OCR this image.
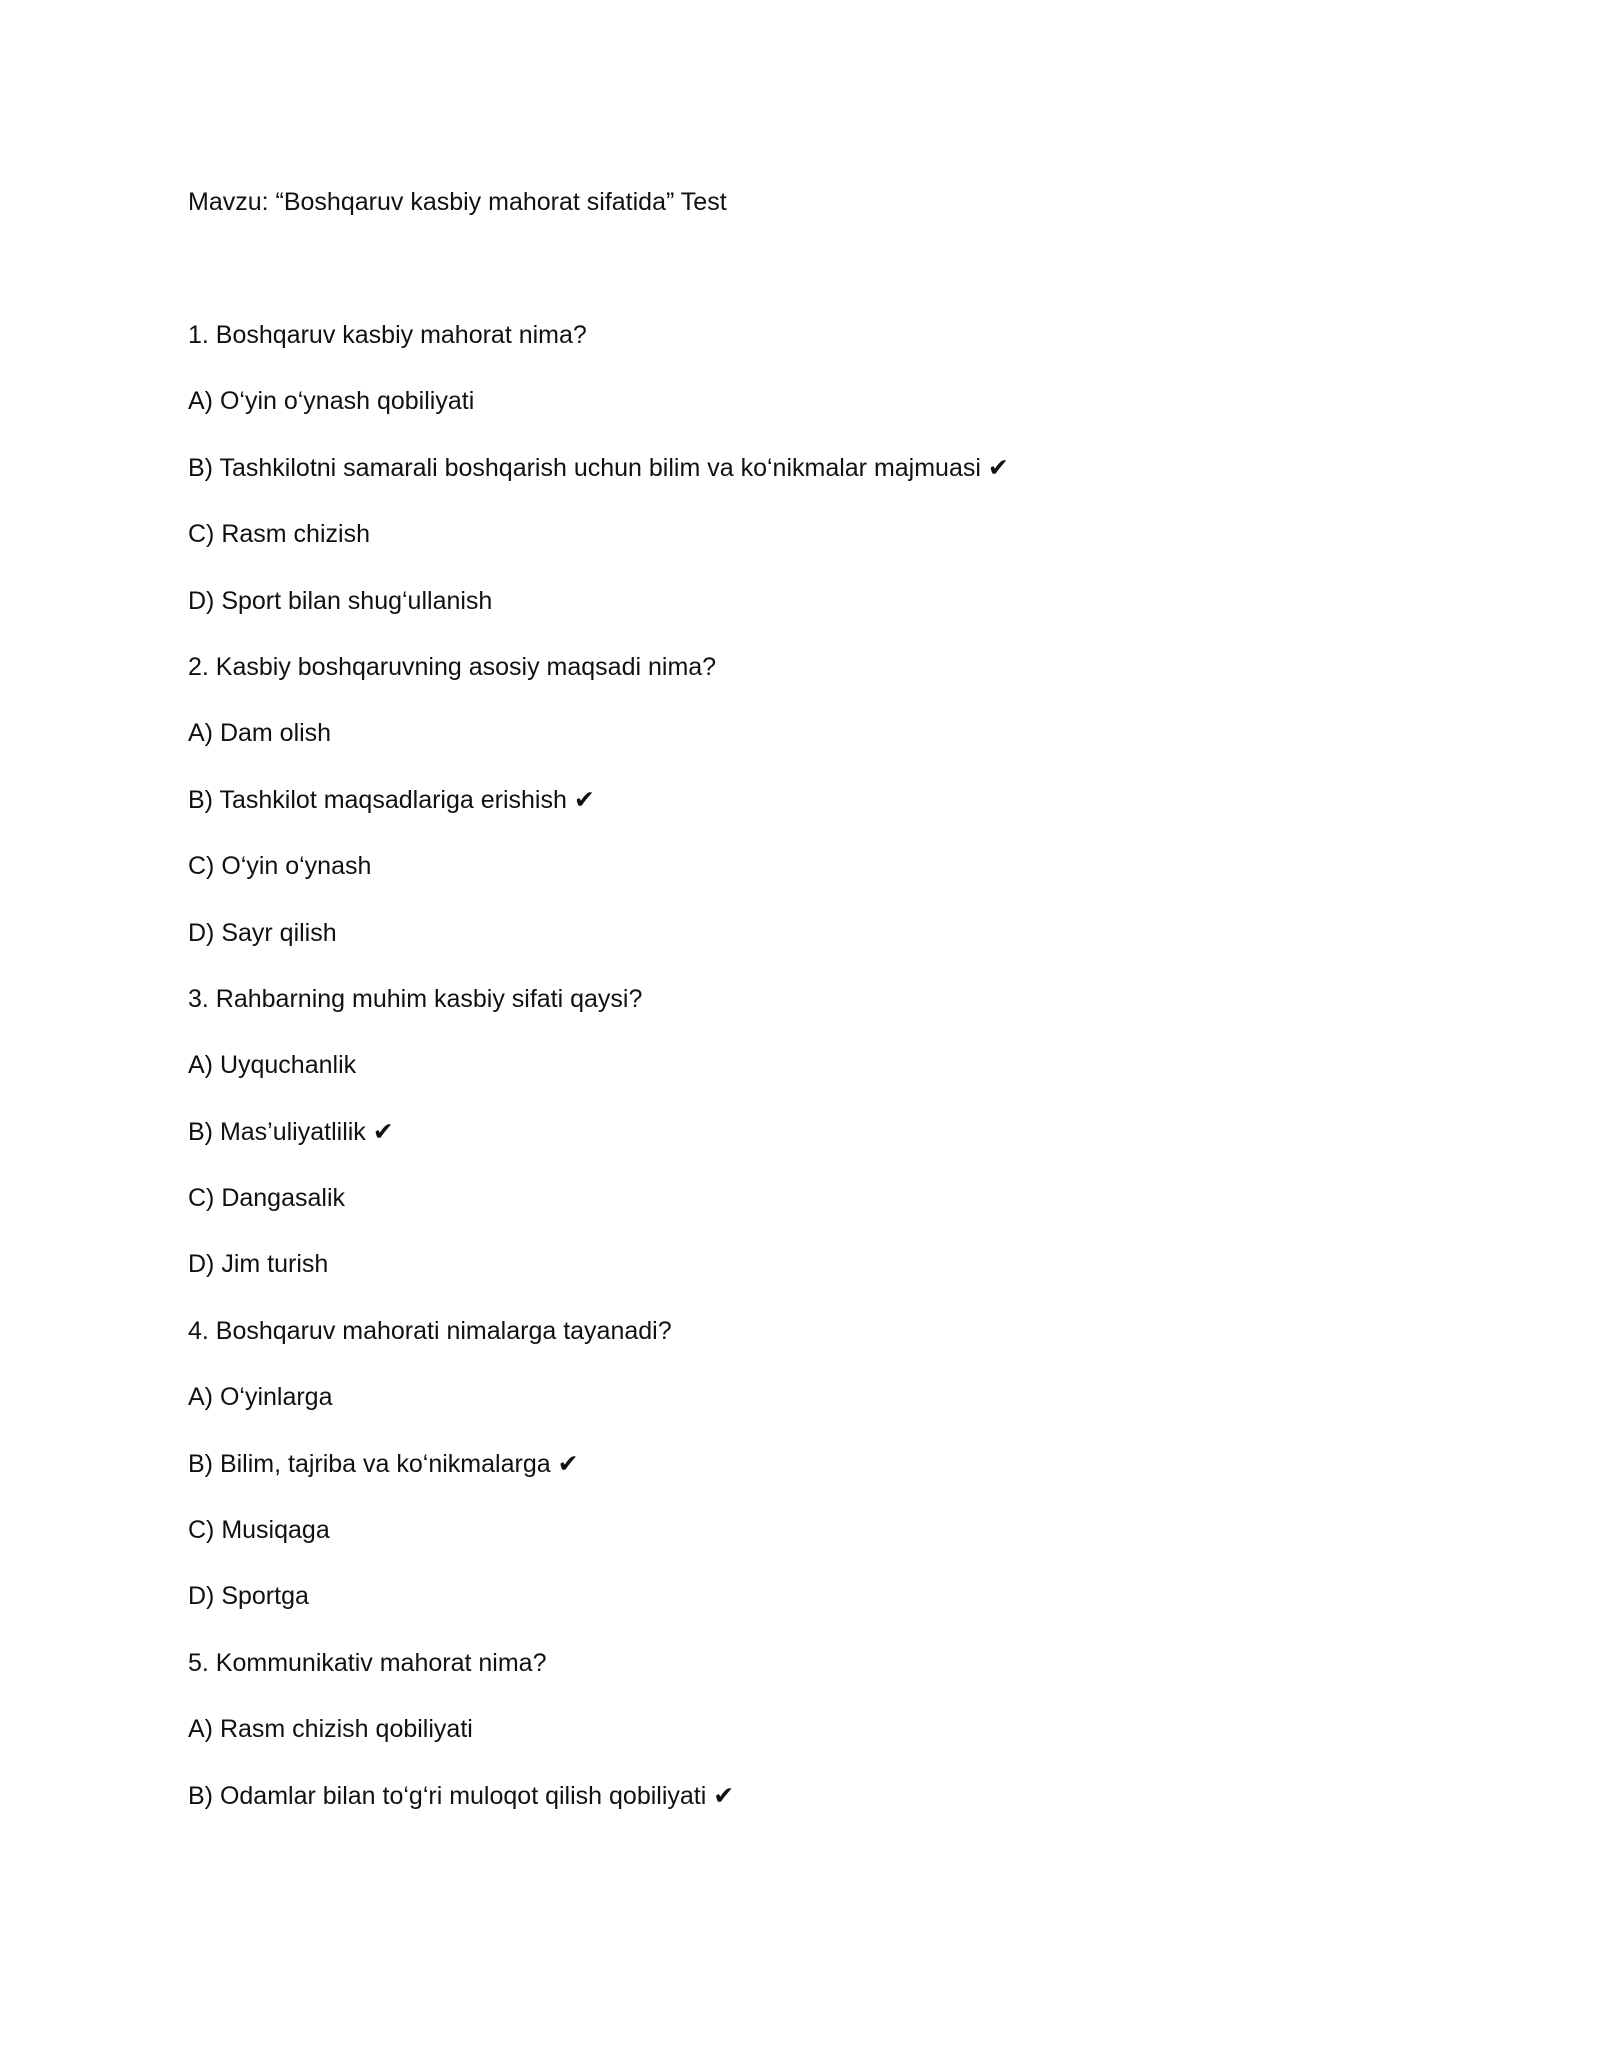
Mavzu: “Boshqaruv kasbiy mahorat sifatida” Test

1. Boshqaruv kasbiy mahorat nima?

A) O‘yin o‘ynash qobiliyati

B) Tashkilotni samarali boshqarish uchun bilim va ko‘nikmalar majmuasi ✔

C) Rasm chizish

D) Sport bilan shug‘ullanish

2. Kasbiy boshqaruvning asosiy maqsadi nima?

A) Dam olish

B) Tashkilot maqsadlariga erishish ✔

C) O‘yin o‘ynash

D) Sayr qilish

3. Rahbarning muhim kasbiy sifati qaysi?

A) Uyquchanlik

B) Mas’uliyatlilik ✔

C) Dangasalik

D) Jim turish

4. Boshqaruv mahorati nimalarga tayanadi?

A) O‘yinlarga

B) Bilim, tajriba va ko‘nikmalarga ✔

C) Musiqaga

D) Sportga

5. Kommunikativ mahorat nima?

A) Rasm chizish qobiliyati

B) Odamlar bilan to‘g‘ri muloqot qilish qobiliyati ✔
